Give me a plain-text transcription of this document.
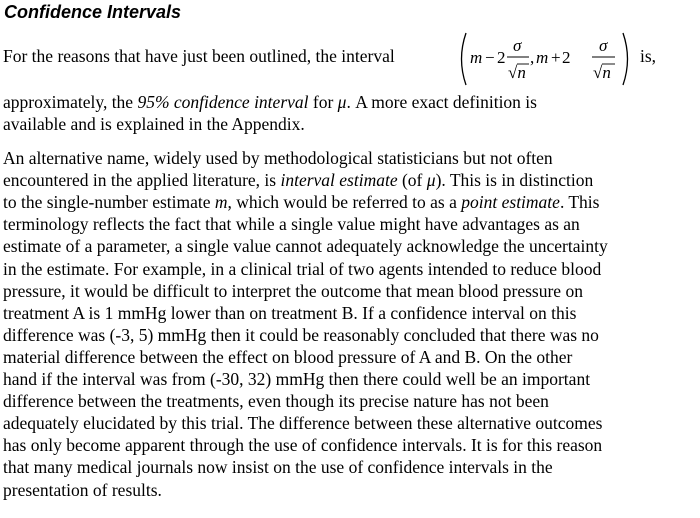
Confidence Intervals
For the reasons that have just been outlined, the interval	m − 2
σ
√n
, m + 2
σ
√n
is,
approximately, the 95% confidence interval for μ. A more exact definition is
available and is explained in the Appendix.
An alternative name, widely used by methodological statisticians but not often
encountered in the applied literature, is interval estimate (of μ). This is in distinction
to the single-number estimate m, which would be referred to as a point estimate. This
terminology reflects the fact that while a single value might have advantages as an
estimate of a parameter, a single value cannot adequately acknowledge the uncertainty
in the estimate. For example, in a clinical trial of two agents intended to reduce blood
pressure, it would be difficult to interpret the outcome that mean blood pressure on
treatment A is 1 mmHg lower than on treatment B. If a confidence interval on this
difference was (-3, 5) mmHg then it could be reasonably concluded that there was no
material difference between the effect on blood pressure of A and B. On the other
hand if the interval was from (-30, 32) mmHg then there could well be an important
difference between the treatments, even though its precise nature has not been
adequately elucidated by this trial. The difference between these alternative outcomes
has only become apparent through the use of confidence intervals. It is for this reason
that many medical journals now insist on the use of confidence intervals in the
presentation of results.
